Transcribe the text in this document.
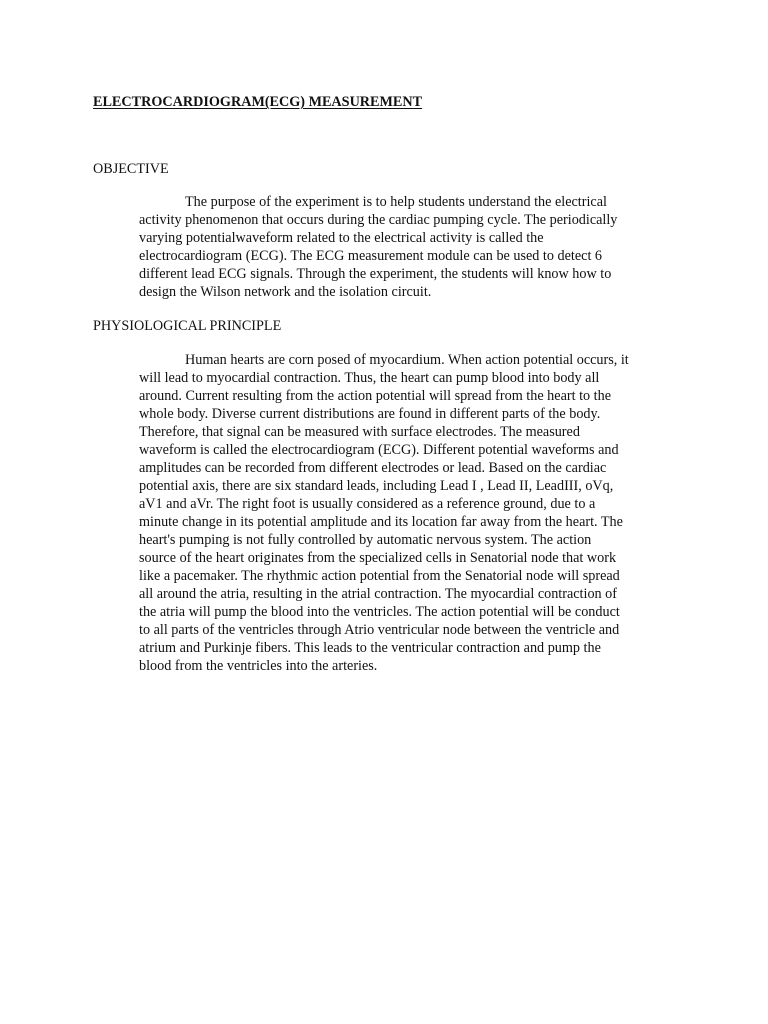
ELECTROCARDIOGRAM(ECG) MEASUREMENT
OBJECTIVE
The purpose of the experiment is to help students understand the electrical
activity phenomenon that occurs during the cardiac pumping cycle. The periodically
varying potentialwaveform related to the electrical activity is called the
electrocardiogram (ECG). The ECG measurement module can be used to detect 6
different lead ECG signals. Through the experiment, the students will know how to
design the Wilson network and the isolation circuit.
PHYSIOLOGICAL PRINCIPLE
Human hearts are corn posed of myocardium. When action potential occurs, it
will lead to myocardial contraction. Thus, the heart can pump blood into body all
around. Current resulting from the action potential will spread from the heart to the
whole body. Diverse current distributions are found in different parts of the body.
Therefore, that signal can be measured with surface electrodes. The measured
waveform is called the electrocardiogram (ECG). Different potential waveforms and
amplitudes can be recorded from different electrodes or lead. Based on the cardiac
potential axis, there are six standard leads, including Lead I , Lead II, LeadIII, oVq,
aV1 and aVr. The right foot is usually considered as a reference ground, due to a
minute change in its potential amplitude and its location far away from the heart. The
heart's pumping is not fully controlled by automatic nervous system. The action
source of the heart originates from the specialized cells in Senatorial node that work
like a pacemaker. The rhythmic action potential from the Senatorial node will spread
all around the atria, resulting in the atrial contraction. The myocardial contraction of
the atria will pump the blood into the ventricles. The action potential will be conduct
to all parts of the ventricles through Atrio ventricular node between the ventricle and
atrium and Purkinje fibers. This leads to the ventricular contraction and pump the
blood from the ventricles into the arteries.
